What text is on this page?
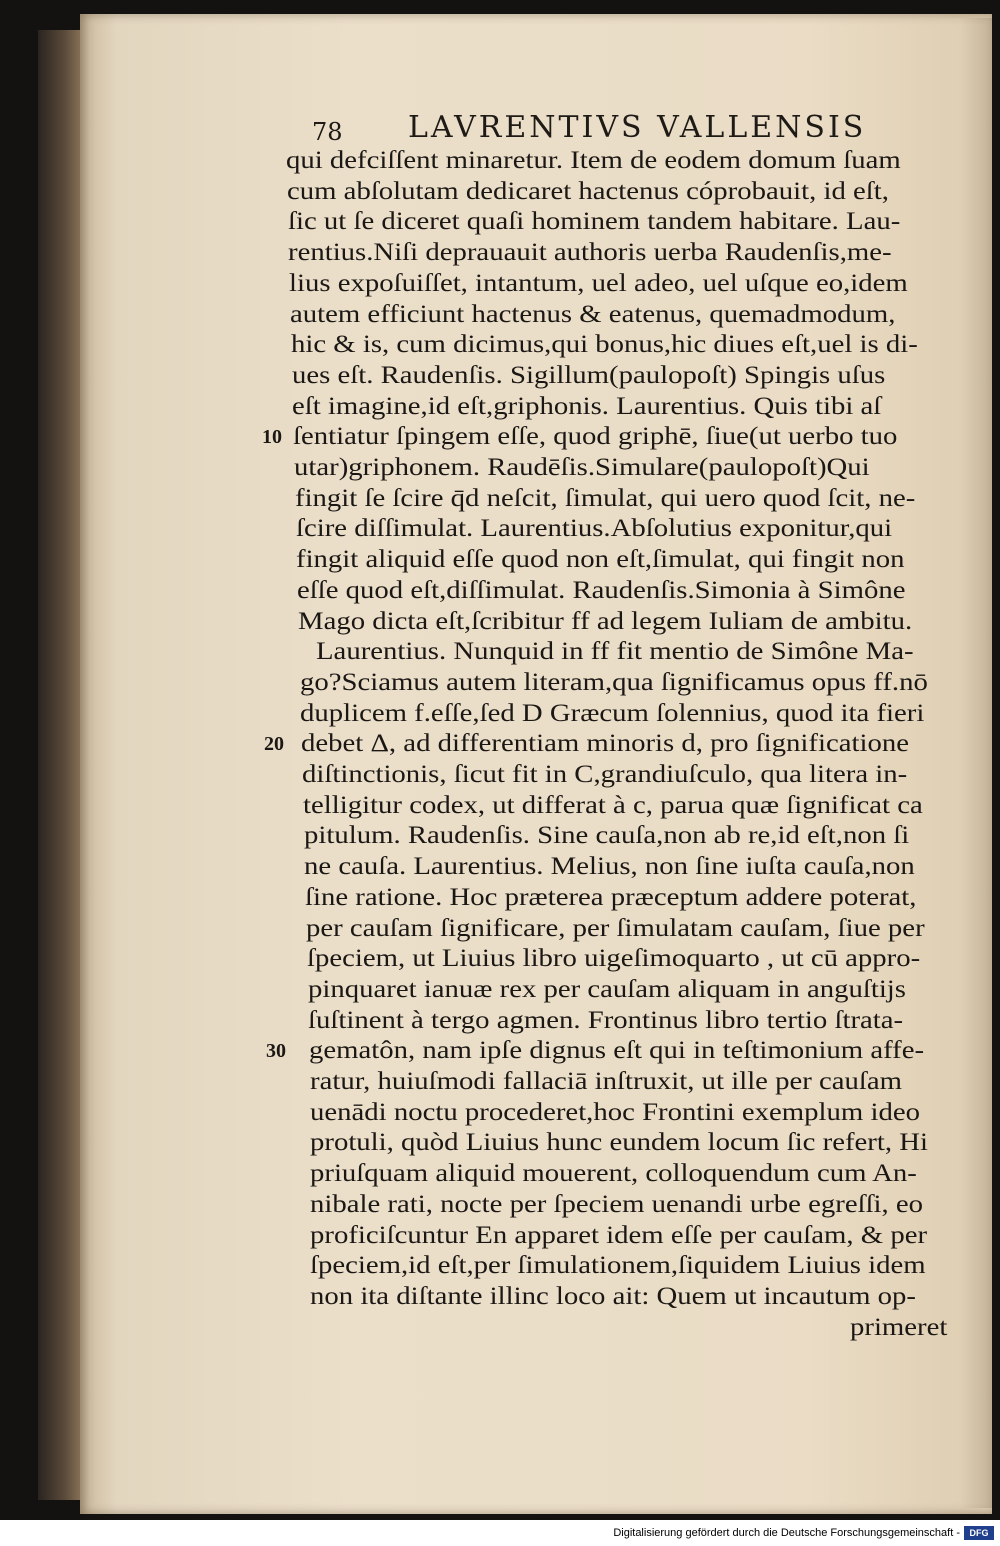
78 LAVRENTIVS VALLENSIS
qui defciſſent minaretur. Item de eodem domum ſuam
cum abſolutam dedicaret hactenus cóprobauit, id eſt,
ſic ut ſe diceret quaſi hominem tandem habitare. Lau-
rentius.Niſi deprauauit authoris uerba Raudenſis,me-
lius expoſuiſſet, intantum, uel adeo, uel uſque eo,idem
autem efficiunt hactenus & eatenus, quemadmodum,
hic & is, cum dicimus,qui bonus,hic diues eſt,uel is di-
ues eſt. Raudenſis. Sigillum(paulopoſt) Spingis uſus
eſt imagine,id eſt,griphonis. Laurentius. Quis tibi aſ
ſentiatur ſpingem eſſe, quod griphē, ſiue(ut uerbo tuo
utar)griphonem. Raudēſis.Simulare(paulopoſt)Qui
fingit ſe ſcire q̄d neſcit, ſimulat, qui uero quod ſcit, ne-
ſcire diſſimulat. Laurentius.Abſolutius exponitur,qui
fingit aliquid eſſe quod non eſt,ſimulat, qui fingit non
eſſe quod eſt,diſſimulat. Raudenſis.Simonia à Simône
Mago dicta eſt,ſcribitur ff ad legem Iuliam de ambitu.
Laurentius. Nunquid in ff fit mentio de Simône Ma-
go?Sciamus autem literam,qua ſignificamus opus ff.nō
duplicem f.eſſe,ſed D Græcum ſolennius, quod ita fieri
debet Δ, ad differentiam minoris d, pro ſignificatione
diſtinctionis, ſicut fit in C,grandiuſculo, qua litera in-
telligitur codex, ut differat à c, parua quæ ſignificat ca
pitulum. Raudenſis. Sine cauſa,non ab re,id eſt,non ſi
ne cauſa. Laurentius. Melius, non ſine iuſta cauſa,non
ſine ratione. Hoc præterea præceptum addere poterat,
per cauſam ſignificare, per ſimulatam cauſam, ſiue per
ſpeciem, ut Liuius libro uigeſimoquarto , ut cū appro-
pinquaret ianuæ rex per cauſam aliquam in anguſtijs
ſuſtinent à tergo agmen. Frontinus libro tertio ſtrata-
gematôn, nam ipſe dignus eſt qui in teſtimonium affe-
ratur, huiuſmodi fallaciā inſtruxit, ut ille per cauſam
uenādi noctu procederet,hoc Frontini exemplum ideo
protuli, quòd Liuius hunc eundem locum ſic refert, Hi
priuſquam aliquid mouerent, colloquendum cum An-
nibale rati, nocte per ſpeciem uenandi urbe egreſſi, eo
proficiſcuntur En apparet idem eſſe per cauſam, & per
ſpeciem,id eſt,per ſimulationem,ſiquidem Liuius idem
non ita diſtante illinc loco ait: Quem ut incautum op-
primeret
10
20
30
Digitalisierung gefördert durch die Deutsche Forschungsgemeinschaft -	DFG
